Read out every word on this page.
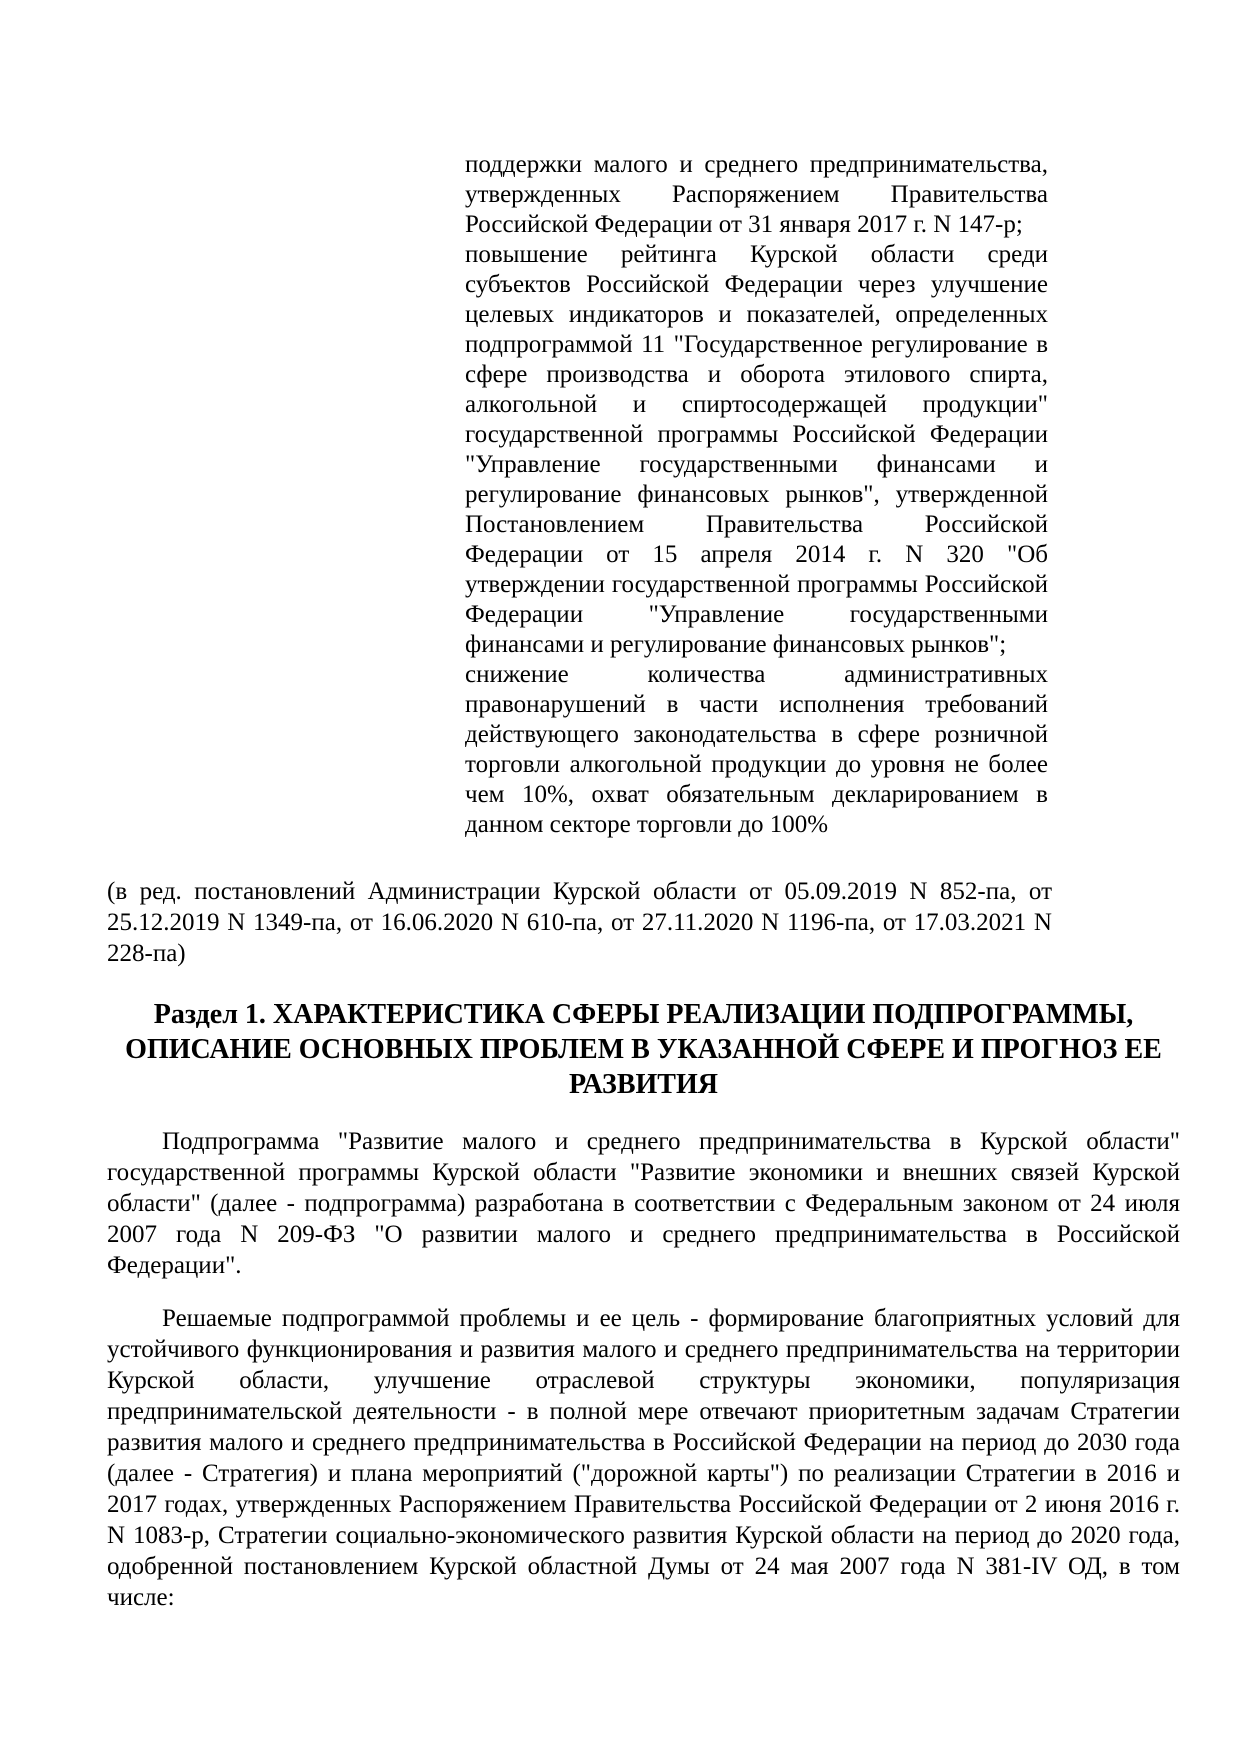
поддержки малого и среднего предпринимательства, утвержденных Распоряжением Правительства Российской Федерации от 31 января 2017 г. N 147-р;

повышение рейтинга Курской области среди субъектов Российской Федерации через улучшение целевых индикаторов и показателей, определенных подпрограммой 11 "Государственное регулирование в сфере производства и оборота этилового спирта, алкогольной и спиртосодержащей продукции" государственной программы Российской Федерации "Управление государственными финансами и регулирование финансовых рынков", утвержденной Постановлением Правительства Российской Федерации от 15 апреля 2014 г. N 320 "Об утверждении государственной программы Российской Федерации "Управление государственными финансами и регулирование финансовых рынков";

снижение количества административных правонарушений в части исполнения требований действующего законодательства в сфере розничной торговли алкогольной продукции до уровня не более чем 10%, охват обязательным декларированием в данном секторе торговли до 100%

(в ред. постановлений Администрации Курской области от 05.09.2019 N 852-па, от 25.12.2019 N 1349-па, от 16.06.2020 N 610-па, от 27.11.2020 N 1196-па, от 17.03.2021 N 228-па)

Раздел 1. ХАРАКТЕРИСТИКА СФЕРЫ РЕАЛИЗАЦИИ ПОДПРОГРАММЫ, ОПИСАНИЕ ОСНОВНЫХ ПРОБЛЕМ В УКАЗАННОЙ СФЕРЕ И ПРОГНОЗ ЕЕ РАЗВИТИЯ

Подпрограмма "Развитие малого и среднего предпринимательства в Курской области" государственной программы Курской области "Развитие экономики и внешних связей Курской области" (далее - подпрограмма) разработана в соответствии с Федеральным законом от 24 июля 2007 года N 209-ФЗ "О развитии малого и среднего предпринимательства в Российской Федерации".

Решаемые подпрограммой проблемы и ее цель - формирование благоприятных условий для устойчивого функционирования и развития малого и среднего предпринимательства на территории Курской области, улучшение отраслевой структуры экономики, популяризация предпринимательской деятельности - в полной мере отвечают приоритетным задачам Стратегии развития малого и среднего предпринимательства в Российской Федерации на период до 2030 года (далее - Стратегия) и плана мероприятий ("дорожной карты") по реализации Стратегии в 2016 и 2017 годах, утвержденных Распоряжением Правительства Российской Федерации от 2 июня 2016 г. N 1083-р, Стратегии социально-экономического развития Курской области на период до 2020 года, одобренной постановлением Курской областной Думы от 24 мая 2007 года N 381-IV ОД, в том числе:
